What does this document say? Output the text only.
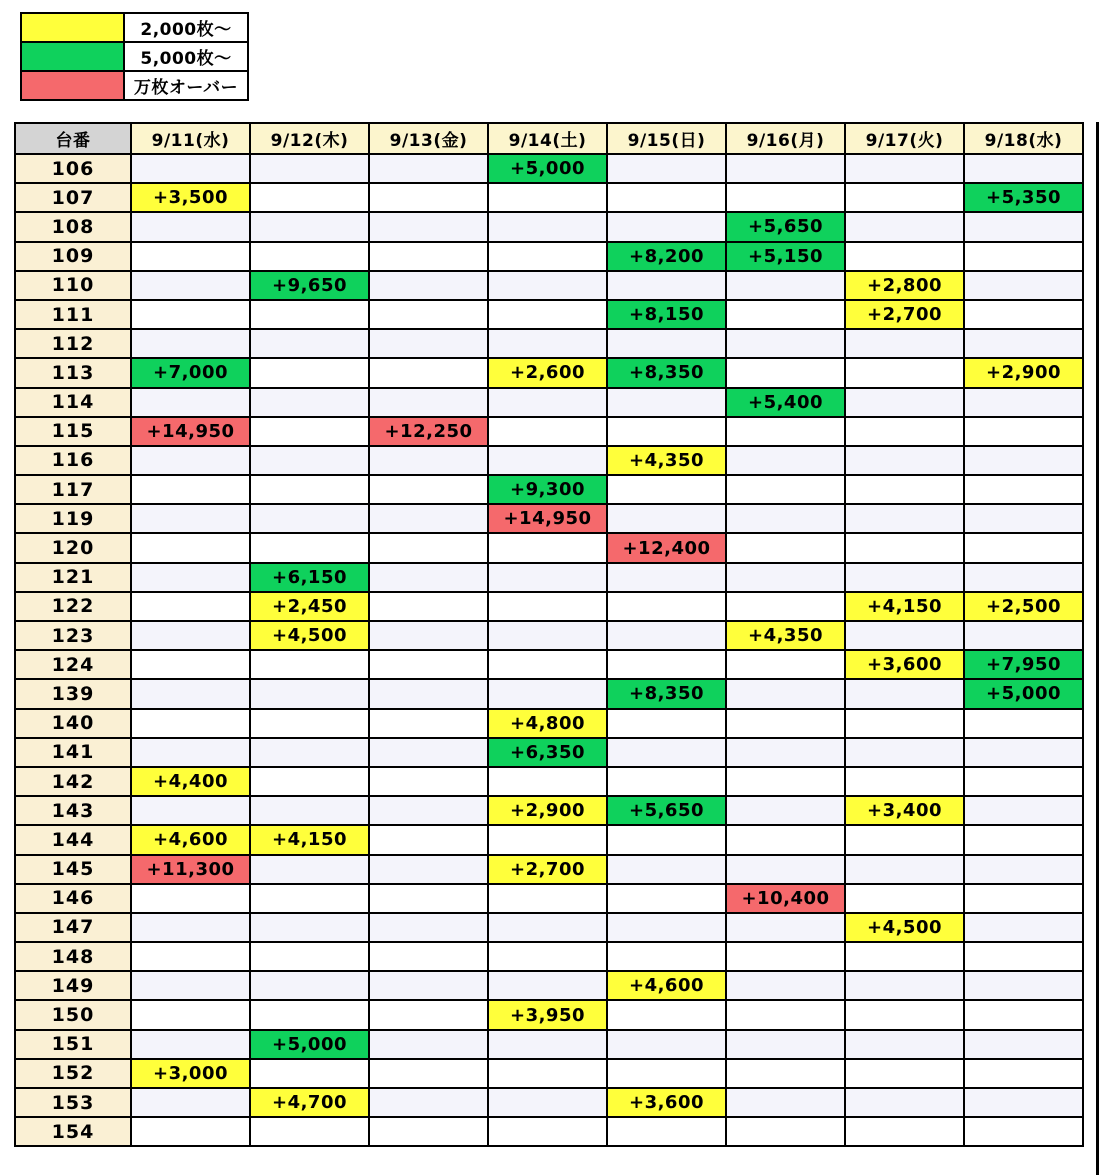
	2,000枚〜
	5,000枚〜
	万枚オーバー
台番	9/11(水)	9/12(木)	9/13(金)	9/14(土)	9/15(日)	9/16(月)	9/17(火)	9/18(水)
106				+5,000				
107	+3,500							+5,350
108						+5,650		
109					+8,200	+5,150		
110		+9,650					+2,800	
111					+8,150		+2,700	
112								
113	+7,000			+2,600	+8,350			+2,900
114						+5,400		
115	+14,950		+12,250					
116					+4,350			
117				+9,300				
119				+14,950				
120					+12,400			
121		+6,150						
122		+2,450					+4,150	+2,500
123		+4,500				+4,350		
124							+3,600	+7,950
139					+8,350			+5,000
140				+4,800				
141				+6,350				
142	+4,400							
143				+2,900	+5,650		+3,400	
144	+4,600	+4,150						
145	+11,300			+2,700				
146						+10,400		
147							+4,500	
148								
149					+4,600			
150				+3,950				
151		+5,000						
152	+3,000							
153		+4,700			+3,600			
154								
